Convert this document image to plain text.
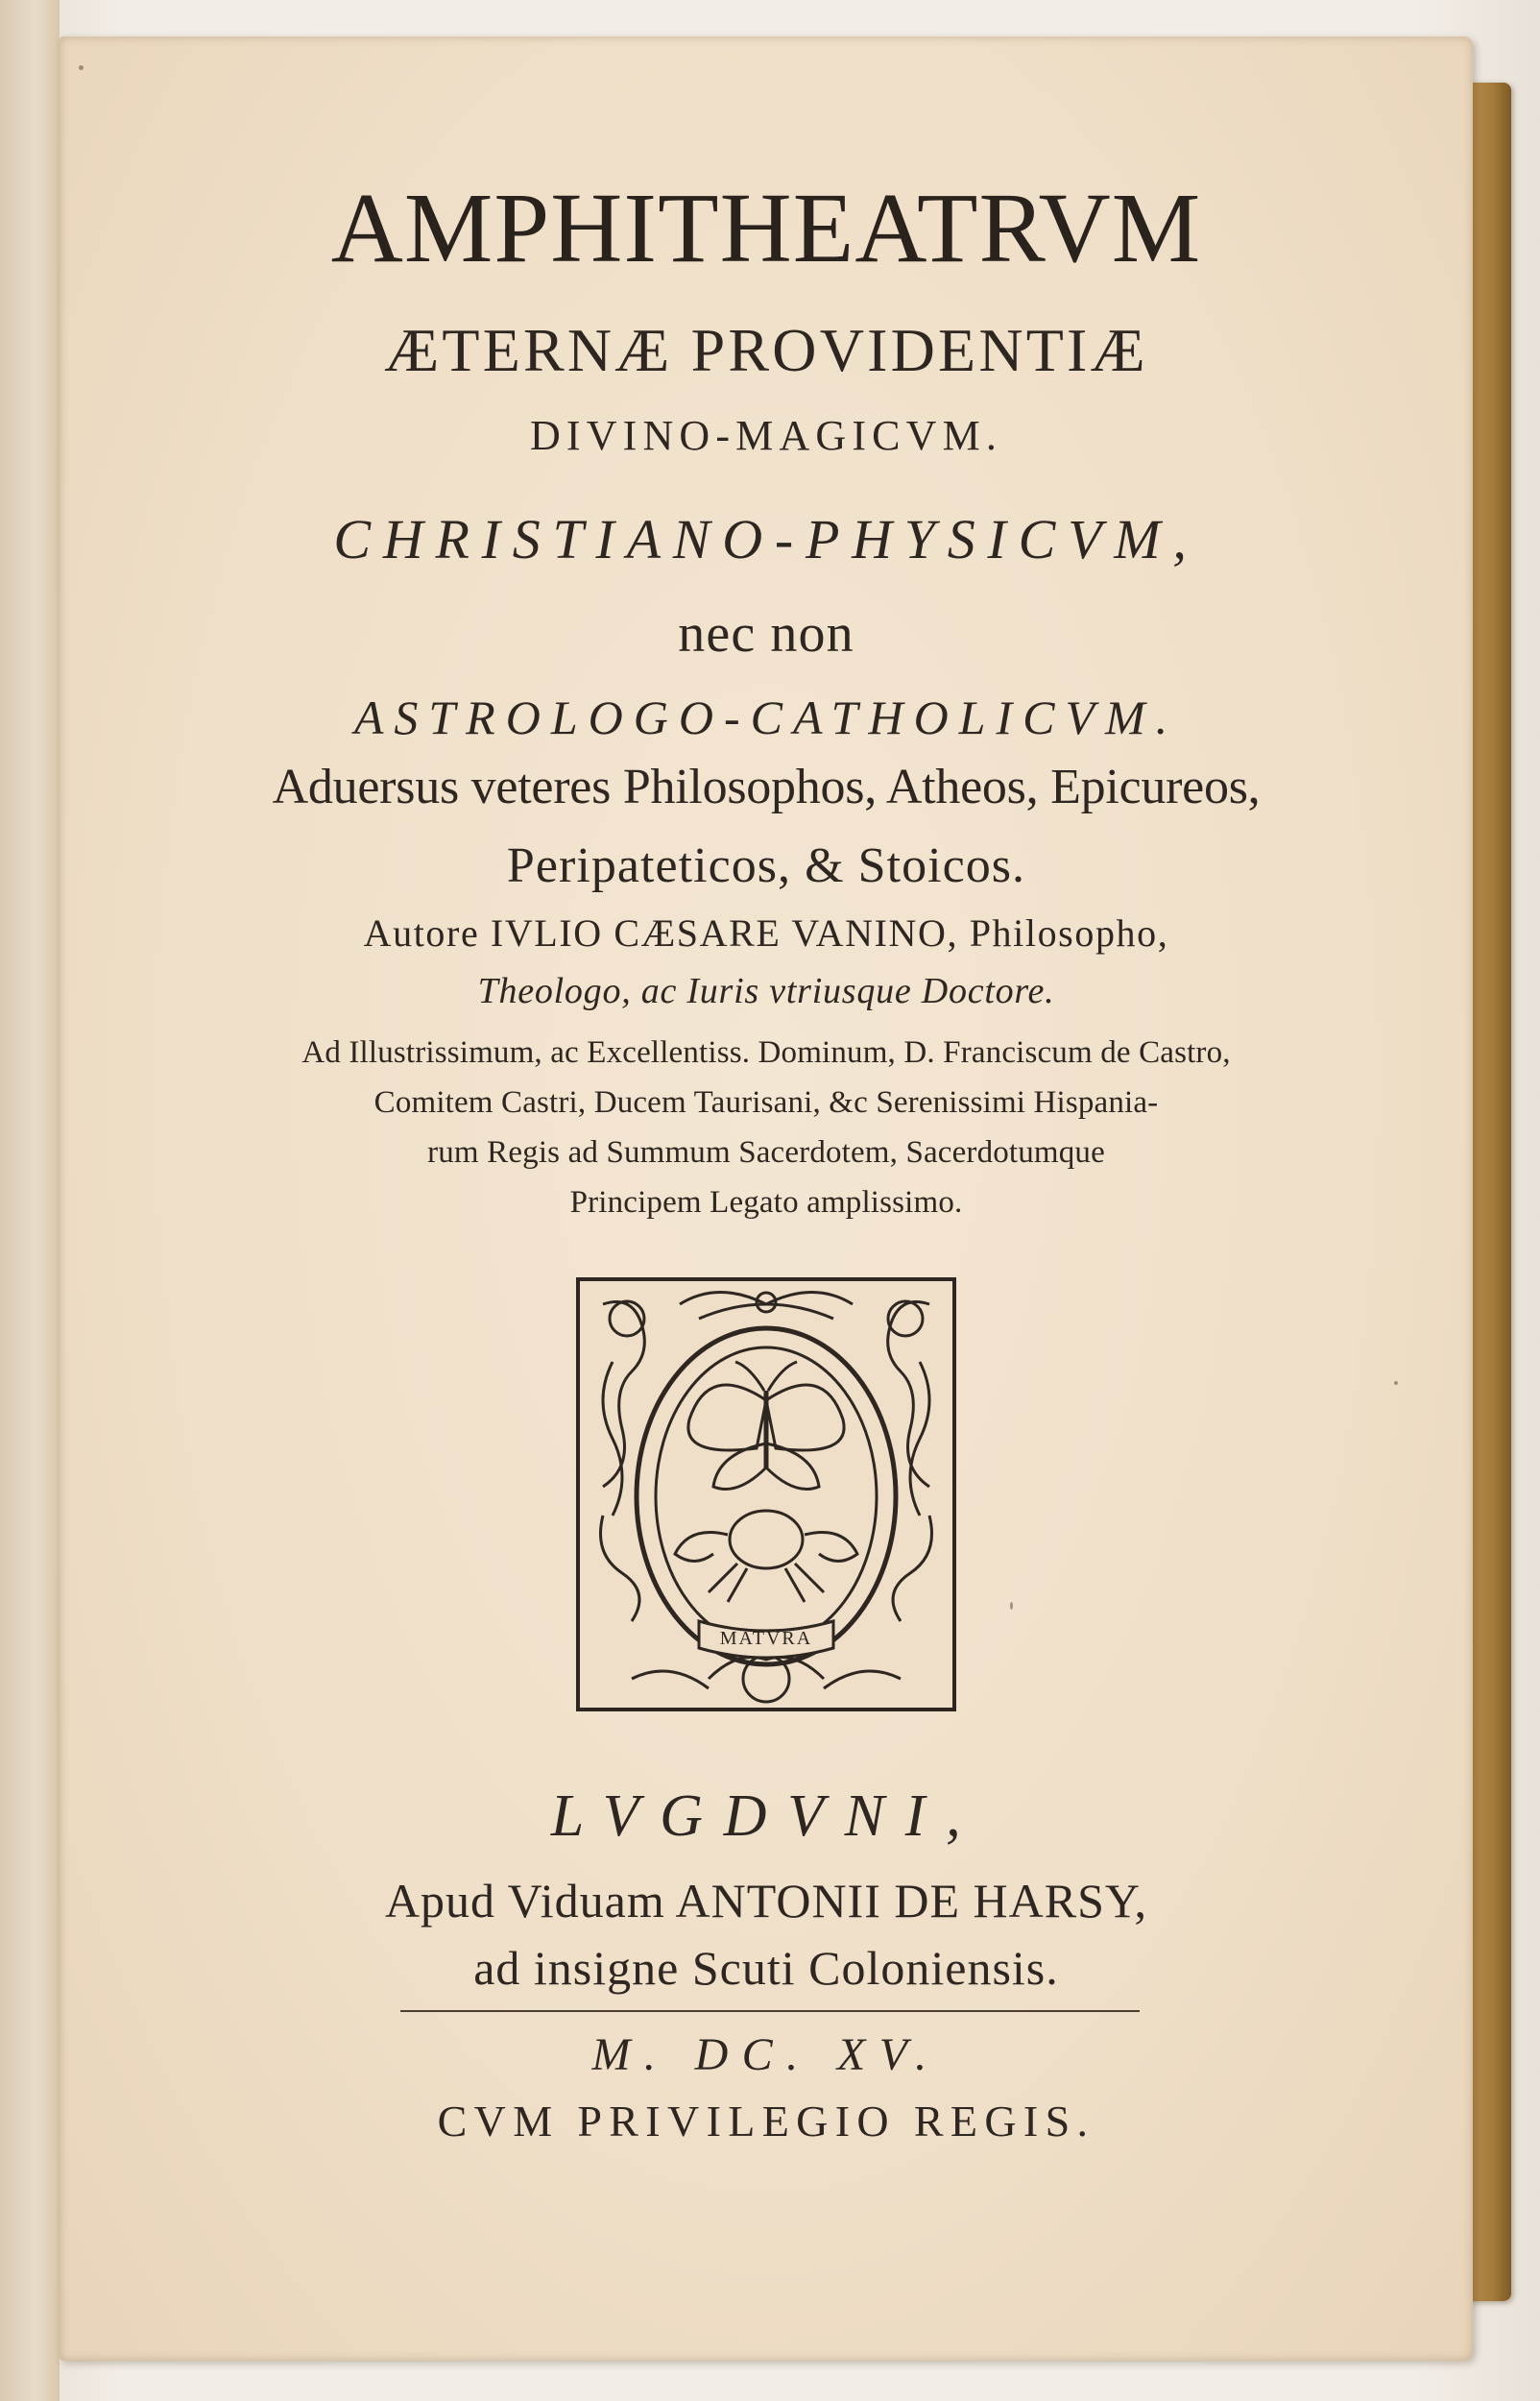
AMPHITHEATRVM
ÆTERNÆ PROVIDENTIÆ
DIVINO-MAGICVM.
CHRISTIANO-PHYSICVM,
nec non
ASTROLOGO-CATHOLICVM.
Aduersus veteres Philosophos, Atheos, Epicureos,
Peripateticos, & Stoicos.
Autore IVLIO CÆSARE VANINO, Philosopho,
Theologo, ac Iuris vtriusque Doctore.
Ad Illustrissimum, ac Excellentiss. Dominum, D. Franciscum de Castro,
Comitem Castri, Ducem Taurisani, &c Serenissimi Hispania-
rum Regis ad Summum Sacerdotem, Sacerdotumque
Principem Legato amplissimo.
MATVRA
LVGDVNI,
Apud Viduam ANTONII DE HARSY,
ad insigne Scuti Coloniensis.
M. DC. XV.
CVM PRIVILEGIO REGIS.
